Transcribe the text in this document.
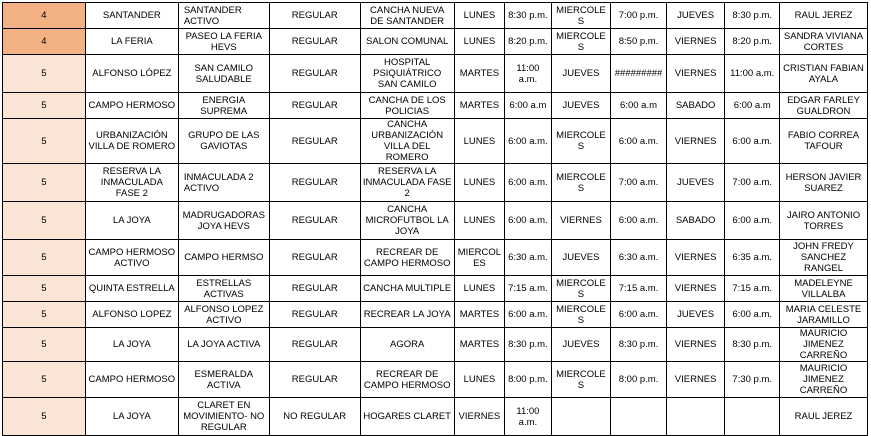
4	SANTANDER	SANTANDER ACTIVO	REGULAR	CANCHA NUEVA DE SANTANDER	LUNES	8:30 p.m.	MIERCOLES	7:00 p.m.	JUEVES	8:30 p.m.	RAUL JEREZ
4	LA FERIA	PASEO LA FERIA HEVS	REGULAR	SALON COMUNAL	LUNES	8:20 p.m.	MIERCOLES	8:50 p.m.	VIERNES	8:20 p.m.	SANDRA VIVIANA CORTES
5	ALFONSO LÓPEZ	SAN CAMILO SALUDABLE	REGULAR	HOSPITAL PSIQUIÁTRICO SAN CAMILO	MARTES	11:00 a.m.	JUEVES	#########	VIERNES	11:00 a.m.	CRISTIAN FABIAN AYALA
5	CAMPO HERMOSO	ENERGIA SUPREMA	REGULAR	CANCHA DE LOS POLICIAS	MARTES	6:00 a.m	JUEVES	6:00 a.m	SABADO	6:00 a.m	EDGAR FARLEY GUALDRON
5	URBANIZACIÓN VILLA DE ROMERO	GRUPO DE LAS GAVIOTAS	REGULAR	CANCHA URBANIZACIÓN VILLA DEL ROMERO	LUNES	6:00 a.m.	MIERCOLES	6:00 a.m.	VIERNES	6:00 a.m.	FABIO CORREA TAFOUR
5	RESERVA LA INMACULADA FASE 2	INMACULADA 2 ACTIVO	REGULAR	RESERVA LA INMACULADA FASE 2	LUNES	6:00 a.m.	MIERCOLES	7:00 a.m.	JUEVES	7:00 a.m.	HERSON JAVIER SUAREZ
5	LA JOYA	MADRUGADORAS JOYA HEVS	REGULAR	CANCHA MICROFUTBOL LA JOYA	LUNES	6:00 a.m.	VIERNES	6:00 a.m.	SABADO	6:00 a.m.	JAIRO ANTONIO TORRES
5	CAMPO HERMOSO ACTIVO	CAMPO HERMSO	REGULAR	RECREAR DE CAMPO HERMOSO	MIERCOLES	6:30 a.m.	JUEVES	6:30 a.m.	VIERNES	6:35 a.m.	JOHN FREDY SANCHEZ RANGEL
5	QUINTA ESTRELLA	ESTRELLAS ACTIVAS	REGULAR	CANCHA MULTIPLE	LUNES	7:15 a.m.	MIERCOLES	7:15 a.m.	VIERNES	7:15 a.m.	MADELEYNE VILLALBA
5	ALFONSO LOPEZ	ALFONSO LOPEZ ACTIVO	REGULAR	RECREAR LA JOYA	MARTES	6:00 a.m.	MIERCOLES	6:00 a.m.	JUEVES	6:00 a.m.	MARIA CELESTE JARAMILLO
5	LA JOYA	LA JOYA ACTIVA	REGULAR	AGORA	MARTES	8:30 p.m.	JUEVES	8:30 p.m.	VIERNES	8:30 p.m.	MAURICIO JIMENEZ CARREÑO
5	CAMPO HERMOSO	ESMERALDA ACTIVA	REGULAR	RECREAR DE CAMPO HERMOSO	LUNES	8:00 p.m.	MIERCOLES	8:00 p.m.	VIERNES	7:30 p.m.	MAURICIO JIMENEZ CARREÑO
5	LA JOYA	CLARET EN MOVIMIENTO- NO REGULAR	NO REGULAR	HOGARES CLARET	VIERNES	11:00 a.m.					RAUL JEREZ
